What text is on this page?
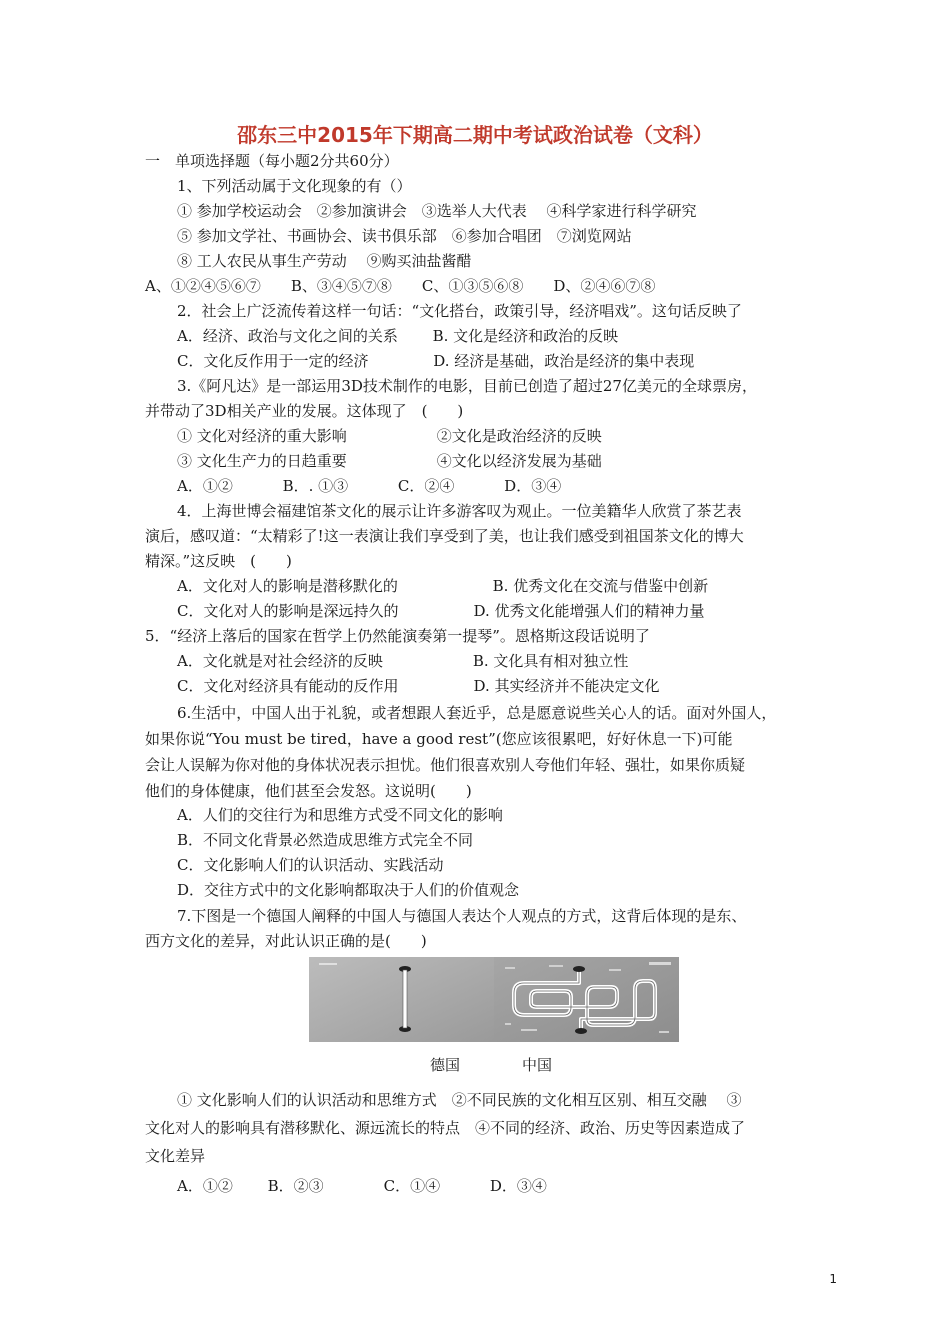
邵东三中2015年下期高二期中考试政治试卷（文科）
一　单项选择题（每小题2分共60分）
1、下列活动属于文化现象的有（）
① 参加学校运动会　②参加演讲会　③选举人大代表　 ④科学家进行科学研究
⑤ 参加文学社、书画协会、读书俱乐部　⑥参加合唱团　⑦浏览网站
⑧ 工人农民从事生产劳动　 ⑨购买油盐酱醋
A、①②④⑤⑥⑦　　B、③④⑤⑦⑧　　C、①③⑤⑥⑧　　D、②④⑥⑦⑧
2．社会上广泛流传着这样一句话：“文化搭台，政策引导，经济唱戏”。这句话反映了
A．经济、政治与文化之间的关系　　 B. 文化是经济和政治的反映
C．文化反作用于一定的经济　　　　 D. 经济是基础，政治是经济的集中表现
3.《阿凡达》是一部运用3D技术制作的电影，目前已创造了超过27亿美元的全球票房，
并带动了3D相关产业的发展。这体现了　(　　)
① 文化对经济的重大影响　　　　　　②文化是政治经济的反映
③ 文化生产力的日趋重要　　　　　　④文化以经济发展为基础
A．①②　　　 B．. ①③　　　 C．②④　　　 D．③④
4．上海世博会福建馆茶文化的展示让许多游客叹为观止。一位美籍华人欣赏了茶艺表
演后，感叹道：“太精彩了!这一表演让我们享受到了美，也让我们感受到祖国茶文化的博大
精深。”这反映　(　　)
A．文化对人的影响是潜移默化的　　　　　　 B. 优秀文化在交流与借鉴中创新
C．文化对人的影响是深远持久的　　　　　D. 优秀文化能增强人们的精神力量
5．“经济上落后的国家在哲学上仍然能演奏第一提琴”。恩格斯这段话说明了
A．文化就是对社会经济的反映　　　　　　B. 文化具有相对独立性
C．文化对经济具有能动的反作用　　　　　D. 其实经济并不能决定文化
6.生活中，中国人出于礼貌，或者想跟人套近乎，总是愿意说些关心人的话。面对外国人，
如果你说“You must be tired，have a good rest”(您应该很累吧，好好休息一下)可能
会让人误解为你对他的身体状况表示担忧。他们很喜欢别人夸他们年轻、强壮，如果你质疑
他们的身体健康，他们甚至会发怒。这说明(　　)
A．人们的交往行为和思维方式受不同文化的影响
B．不同文化背景必然造成思维方式完全不同
C．文化影响人们的认识活动、实践活动
D．交往方式中的文化影响都取决于人们的价值观念
7.下图是一个德国人阐释的中国人与德国人表达个人观点的方式，这背后体现的是东、
西方文化的差异，对此认识正确的是(　　)
德国	中国
① 文化影响人们的认识活动和思维方式　②不同民族的文化相互区别、相互交融　 ③
文化对人的影响具有潜移默化、源远流长的特点　④不同的经济、政治、历史等因素造成了
文化差异
A．①②　　 B．②③　　　　C．①④　　　 D．③④
1
